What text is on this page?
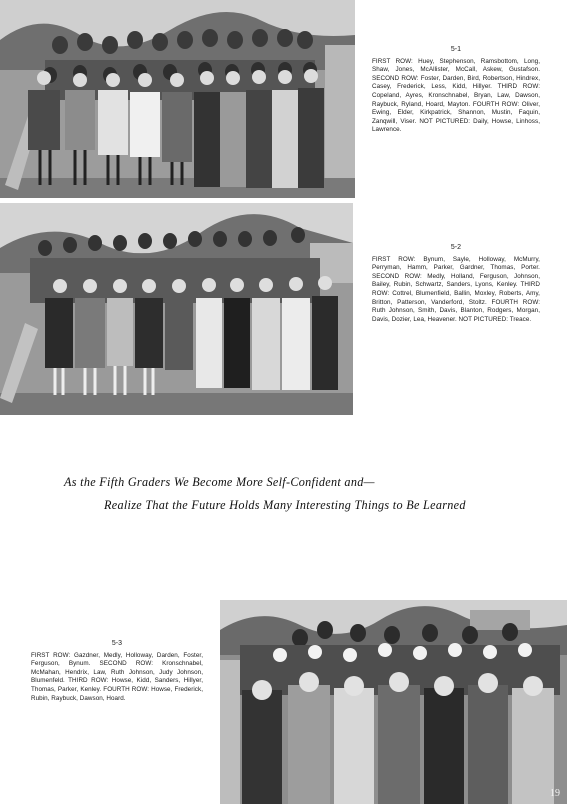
5-1
FIRST ROW: Huey, Stephenson, Ramsbottom, Long, Shaw, Jones, McAllister, McCall, Askew, Gustafson. SECOND ROW: Foster, Darden, Bird, Robertson, Hindrex, Casey, Frederick, Less, Kidd, Hillyer. THIRD ROW: Copeland, Ayres, Kronschnabel, Bryan, Law, Dawson, Raybuck, Ryland, Hoard, Mayton. FOURTH ROW: Oliver, Ewing, Elder, Kirkpatrick, Shannon, Mustin, Faquin, Zanqwill, Viser. NOT PICTURED: Daily, Howse, Linhoss, Lawrence.
5-2
FIRST ROW: Bynum, Sayle, Holloway, McMurry, Perryman, Hamm, Parker, Gardner, Thomas, Porter. SECOND ROW: Medly, Holland, Ferguson, Johnson, Bailey, Rubin, Schwartz, Sanders, Lyons, Kenley. THIRD ROW: Cottrel, Blumenfield, Ballin, Moxley, Roberts, Amy, Britton, Patterson, Vanderford, Stoltz. FOURTH ROW: Ruth Johnson, Smith, Davis, Blanton, Rodgers, Morgan, Davis, Dozier, Lea, Heavener. NOT PICTURED: Treace.
As the Fifth Graders We Become More Self-Confident and—
Realize That the Future Holds Many Interesting Things to Be Learned
5-3
FIRST ROW: Gazdner, Medly, Holloway, Darden, Foster, Ferguson, Bynum. SECOND ROW: Kronschnabel, McMahan, Hendrix, Law, Ruth Johnson, Judy Johnson, Blumenfeld. THIRD ROW: Howse, Kidd, Sanders, Hillyer, Thomas, Parker, Kenley. FOURTH ROW: Howse, Frederick, Rubin, Raybuck, Dawson, Hoard.
19
